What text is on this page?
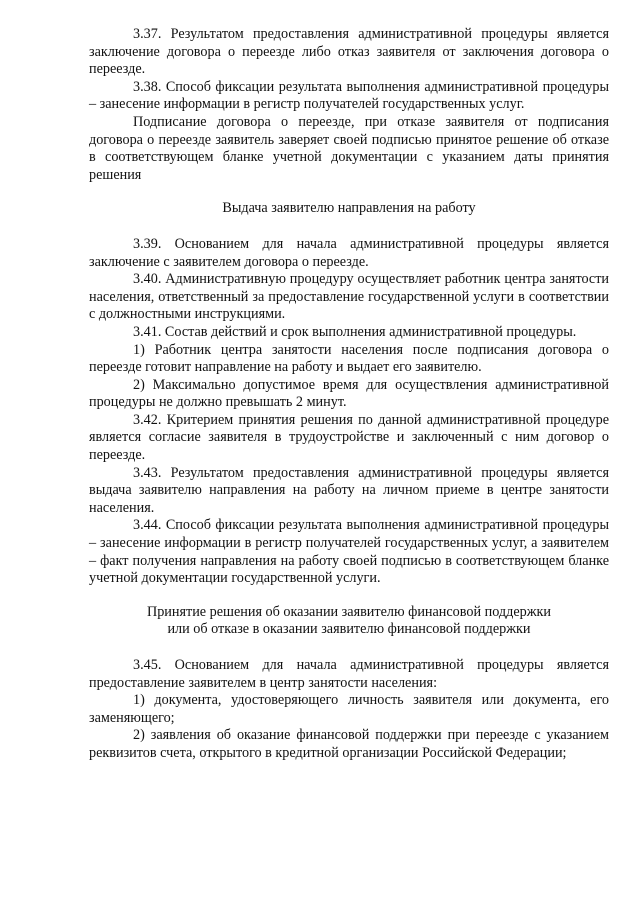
3.37. Результатом предоставления административной процедуры является заключение договора о переезде либо отказ заявителя от заключения договора о переезде.

3.38. Способ фиксации результата выполнения административной процедуры – занесение информации в регистр получателей государственных услуг.

Подписание договора о переезде, при отказе заявителя от подписания договора о переезде заявитель заверяет своей подписью принятое решение об отказе в соответствующем бланке учетной документации с указанием даты принятия решения

Выдача заявителю направления на работу

3.39. Основанием для начала административной процедуры является заключение с заявителем договора о переезде.

3.40. Административную процедуру осуществляет работник центра занятости населения, ответственный за предоставление государственной услуги в соответствии с должностными инструкциями.

3.41. Состав действий и срок выполнения административной процедуры.

1) Работник центра занятости населения после подписания договора о переезде готовит направление на работу и выдает его заявителю.

2) Максимально допустимое время для осуществления административной процедуры не должно превышать 2 минут.

3.42. Критерием принятия решения по данной административной процедуре является согласие заявителя в трудоустройстве и заключенный с ним договор о переезде.

3.43. Результатом предоставления административной процедуры является выдача заявителю направления на работу на личном приеме в центре занятости населения.

3.44. Способ фиксации результата выполнения административной процедуры – занесение информации в регистр получателей государственных услуг, а заявителем – факт получения направления на работу своей подписью в соответствующем бланке учетной документации государственной услуги.

Принятие решения об оказании заявителю финансовой поддержки

или об отказе в оказании заявителю финансовой поддержки

3.45. Основанием для начала административной процедуры является предоставление заявителем в центр занятости населения:

1) документа, удостоверяющего личность заявителя или документа, его заменяющего;

2) заявления об оказание финансовой поддержки при переезде с указанием реквизитов счета, открытого в кредитной организации Российской Федерации;
